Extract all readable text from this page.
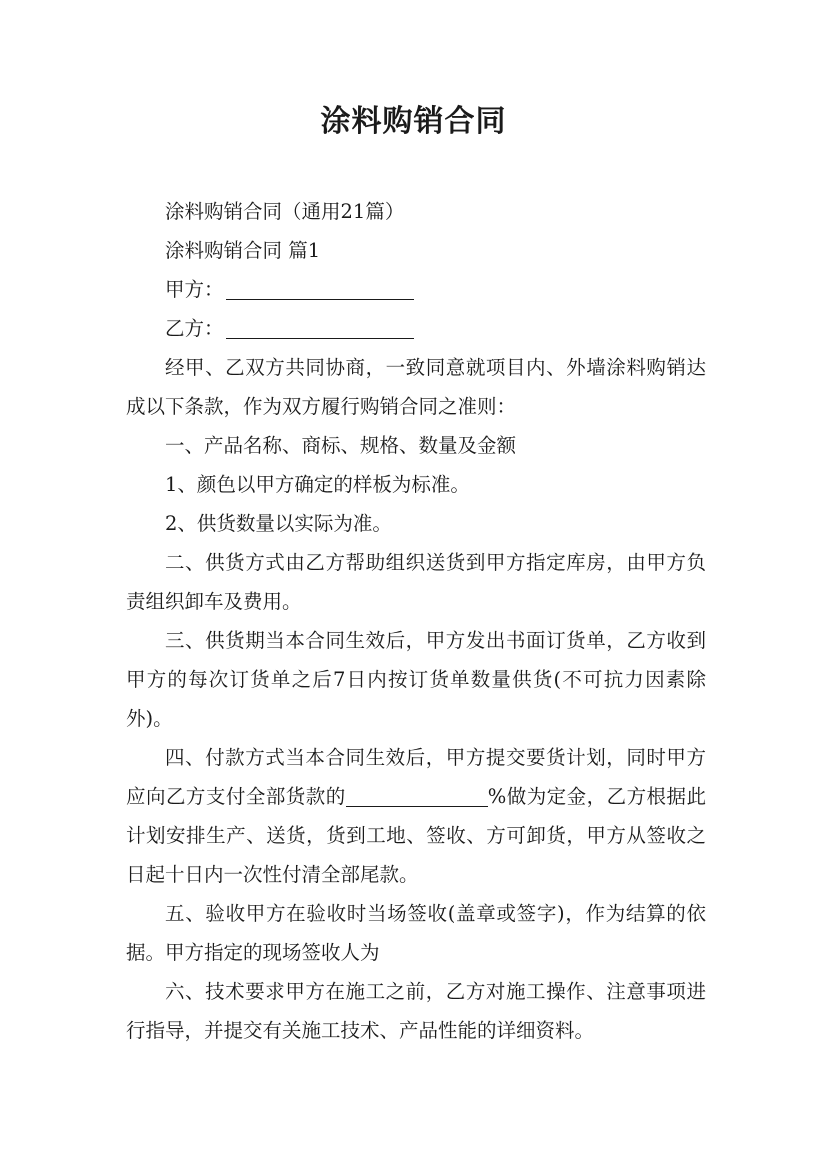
涂料购销合同

涂料购销合同（通用21篇）

涂料购销合同 篇1

甲方：

乙方：

经甲、乙双方共同协商，一致同意就项目内、外墙涂料购销达成以下条款，作为双方履行购销合同之准则：

一、产品名称、商标、规格、数量及金额

1、颜色以甲方确定的样板为标准。

2、供货数量以实际为准。

二、供货方式由乙方帮助组织送货到甲方指定库房，由甲方负责组织卸车及费用。

三、供货期当本合同生效后，甲方发出书面订货单，乙方收到甲方的每次订货单之后7日内按订货单数量供货(不可抗力因素除外)。

四、付款方式当本合同生效后，甲方提交要货计划，同时甲方应向乙方支付全部货款的	%做为定金，乙方根据此计划安排生产、送货，货到工地、签收、方可卸货，甲方从签收之日起十日内一次性付清全部尾款。

五、验收甲方在验收时当场签收(盖章或签字)，作为结算的依据。甲方指定的现场签收人为

六、技术要求甲方在施工之前，乙方对施工操作、注意事项进行指导，并提交有关施工技术、产品性能的详细资料。
